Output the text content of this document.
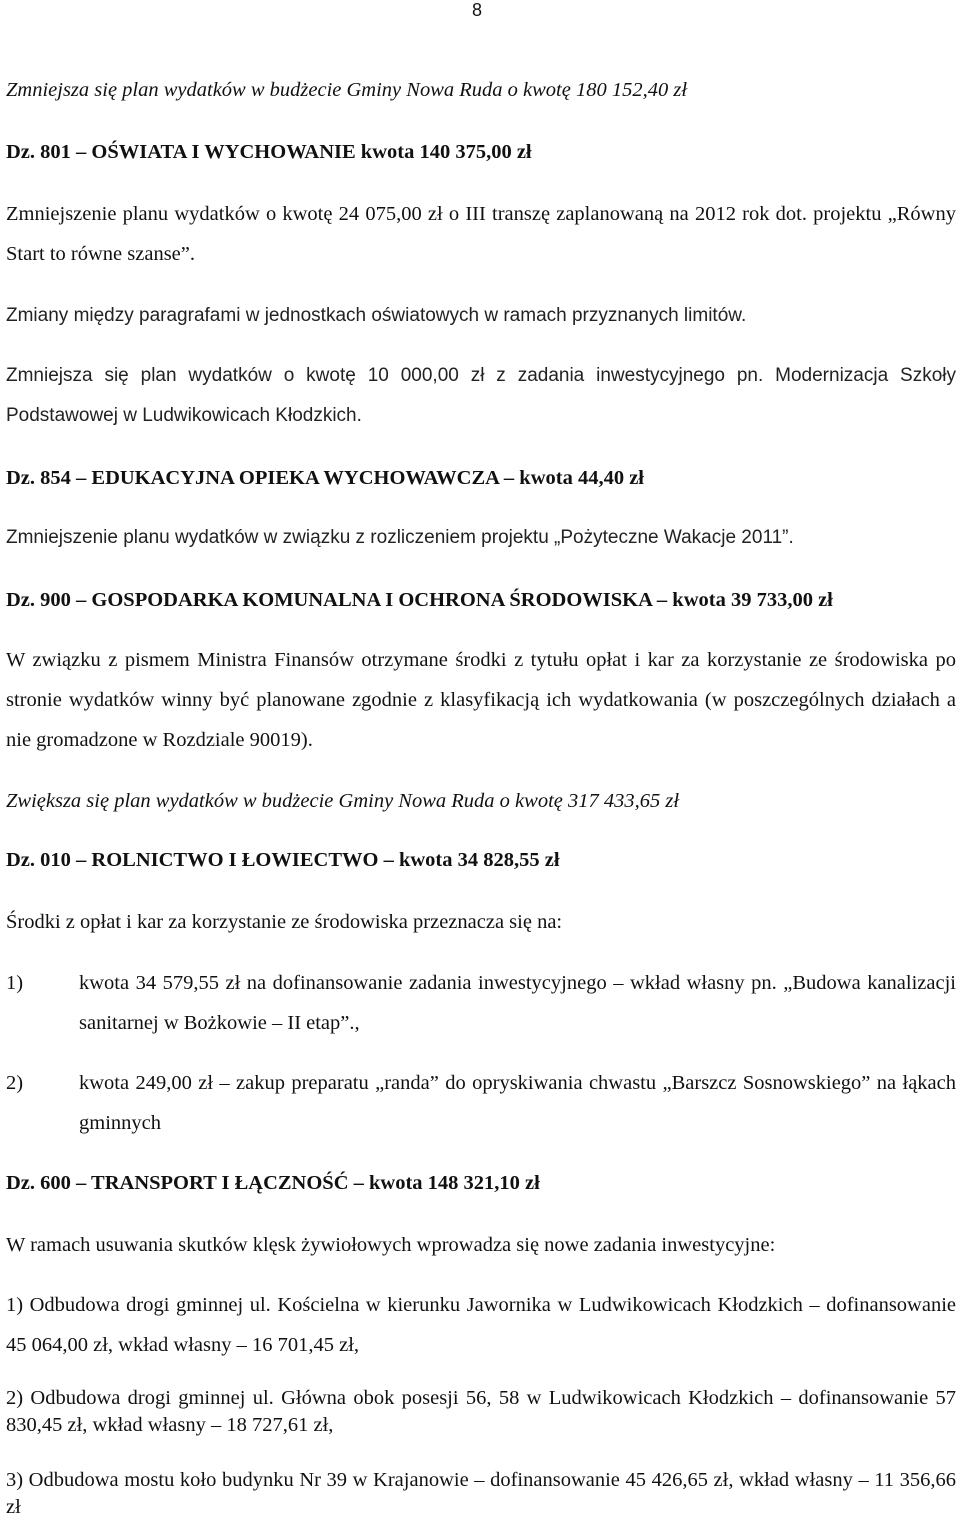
8
Zmniejsza się plan wydatków w budżecie Gminy Nowa Ruda o kwotę 180 152,40 zł
Dz. 801 – OŚWIATA I WYCHOWANIE kwota 140 375,00 zł
Zmniejszenie planu wydatków o kwotę 24 075,00 zł o III transzę zaplanowaną na 2012 rok dot. projektu „Równy Start to równe szanse”.
Zmiany między paragrafami w jednostkach oświatowych w ramach przyznanych limitów.
Zmniejsza się plan wydatków o kwotę 10 000,00 zł z zadania inwestycyjnego pn. Modernizacja Szkoły Podstawowej w Ludwikowicach Kłodzkich.
Dz. 854 – EDUKACYJNA OPIEKA WYCHOWAWCZA – kwota 44,40 zł
Zmniejszenie planu wydatków w związku z rozliczeniem projektu „Pożyteczne Wakacje 2011”.
Dz. 900 – GOSPODARKA KOMUNALNA I OCHRONA ŚRODOWISKA – kwota 39 733,00 zł
W związku z pismem Ministra Finansów otrzymane środki z tytułu opłat i kar za korzystanie ze środowiska po stronie wydatków winny być planowane zgodnie z klasyfikacją ich wydatkowania (w poszczególnych działach a nie gromadzone w Rozdziale 90019).
Zwiększa się plan wydatków w budżecie Gminy Nowa Ruda o kwotę 317 433,65 zł
Dz. 010 – ROLNICTWO I ŁOWIECTWO – kwota 34 828,55 zł
Środki z opłat i kar za korzystanie ze środowiska przeznacza się na:
1)	kwota 34 579,55 zł na dofinansowanie zadania inwestycyjnego – wkład własny pn. „Budowa kanalizacji sanitarnej w Bożkowie – II etap”.,
2)	kwota 249,00 zł – zakup preparatu „randa” do opryskiwania chwastu „Barszcz Sosnowskiego” na łąkach gminnych
Dz. 600 – TRANSPORT I ŁĄCZNOŚĆ – kwota 148 321,10 zł
W ramach usuwania skutków klęsk żywiołowych wprowadza się nowe zadania inwestycyjne:
1) Odbudowa drogi gminnej ul. Kościelna w kierunku Jawornika w Ludwikowicach Kłodzkich – dofinansowanie 45 064,00 zł, wkład własny – 16 701,45 zł,
2) Odbudowa drogi gminnej ul. Główna obok posesji 56, 58 w Ludwikowicach Kłodzkich – dofinansowanie 57 830,45 zł, wkład własny – 18 727,61 zł,
3) Odbudowa mostu koło budynku Nr 39 w Krajanowie – dofinansowanie 45 426,65 zł, wkład własny – 11 356,66 zł
